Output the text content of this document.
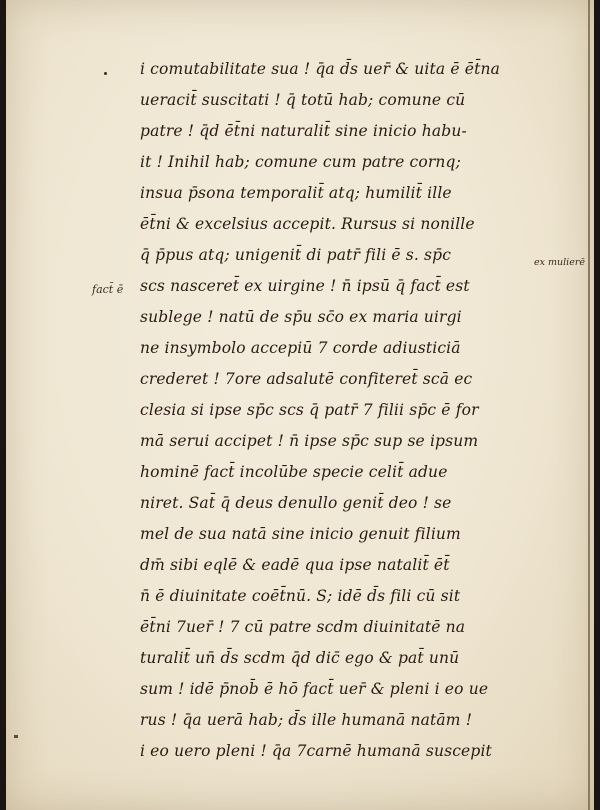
i comutabilitate sua ! q̄a d̄s uer̄ & uita ē ēt̄na
ueracit̄ suscitati ! q̄ totū hab; comune cū
patre ! q̄d ēt̄ni naturalit̄ sine inicio habu-
it ! Inihil hab; comune cum patre cornq;
insua p̄sona temporalit̄ atq; humilit̄ ille
ēt̄ni & excelsius accepit. Rursus si nonille
q̄ p̄pus atq; unigenit̄ di patr̄ fili ē s. sp̄c
scs nasceret̄ ex uirgine ! n̄ ipsū q̄ fact̄ est
sublege ! natū de sp̄u sc̄o ex maria uirgi
ne insymbolo accepiū 7 corde adiusticiā
crederet ! 7ore adsalutē confiteret̄ scā ec
clesia si ipse sp̄c scs q̄ patr̄ 7 filii sp̄c ē for
mā serui accipet ! n̄ ipse sp̄c sup se ipsum
hominē fact̄ incolūbe specie celit̄ adue
niret. Sat̄ q̄ deus denullo genit̄ deo ! se
mel de sua natā sine inicio genuit filium
dm̄ sibi eqlē & eadē qua ipse natalit̄ ēt̄
n̄ ē diuinitate coēt̄nū. S; idē d̄s fili cū sit
ēt̄ni 7uer̄ ! 7 cū patre scdm diuinitatē na
turalit̄ un̄ d̄s scdm q̄d dic̄ ego & pat̄ unū
sum ! idē p̄nob̄ ē hō fact̄ uer̄ & pleni i eo ue
rus ! q̄a uerā hab; d̄s ille humanā natām !
i eo uero pleni ! q̄a 7carnē humanā suscepit
fact̄ ē
ex mulierē
